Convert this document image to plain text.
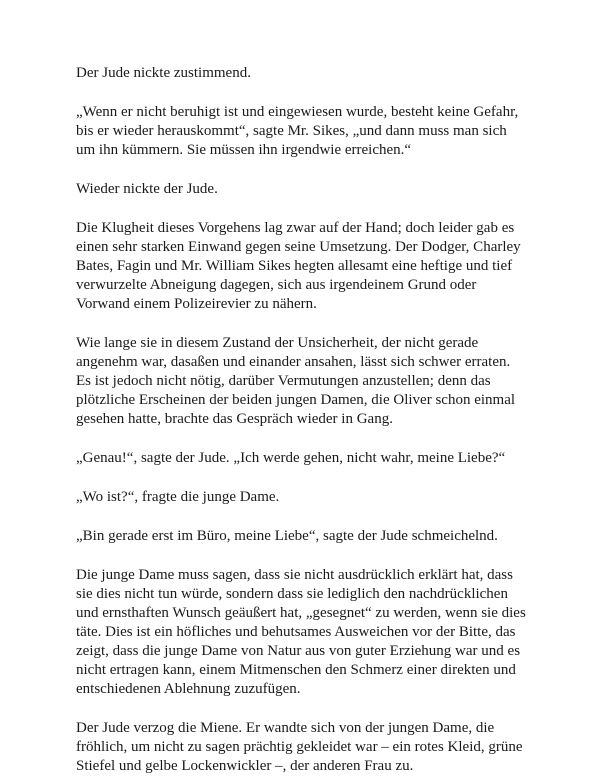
Der Jude nickte zustimmend.

„Wenn er nicht beruhigt ist und eingewiesen wurde, besteht keine Gefahr, bis er wieder herauskommt“, sagte Mr. Sikes, „und dann muss man sich um ihn kümmern. Sie müssen ihn irgendwie erreichen.“

Wieder nickte der Jude.

Die Klugheit dieses Vorgehens lag zwar auf der Hand; doch leider gab es einen sehr starken Einwand gegen seine Umsetzung. Der Dodger, Charley Bates, Fagin und Mr. William Sikes hegten allesamt eine heftige und tief verwurzelte Abneigung dagegen, sich aus irgendeinem Grund oder Vorwand einem Polizeirevier zu nähern.

Wie lange sie in diesem Zustand der Unsicherheit, der nicht gerade angenehm war, dasaßen und einander ansahen, lässt sich schwer erraten. Es ist jedoch nicht nötig, darüber Vermutungen anzustellen; denn das plötzliche Erscheinen der beiden jungen Damen, die Oliver schon einmal gesehen hatte, brachte das Gespräch wieder in Gang.

„Genau!“, sagte der Jude. „Ich werde gehen, nicht wahr, meine Liebe?“

„Wo ist?“, fragte die junge Dame.

„Bin gerade erst im Büro, meine Liebe“, sagte der Jude schmeichelnd.

Die junge Dame muss sagen, dass sie nicht ausdrücklich erklärt hat, dass sie dies nicht tun würde, sondern dass sie lediglich den nachdrücklichen und ernsthaften Wunsch geäußert hat, „gesegnet“ zu werden, wenn sie dies täte. Dies ist ein höfliches und behutsames Ausweichen vor der Bitte, das zeigt, dass die junge Dame von Natur aus von guter Erziehung war und es nicht ertragen kann, einem Mitmenschen den Schmerz einer direkten und entschiedenen Ablehnung zuzufügen.

Der Jude verzog die Miene. Er wandte sich von der jungen Dame, die fröhlich, um nicht zu sagen prächtig gekleidet war – ein rotes Kleid, grüne Stiefel und gelbe Lockenwickler –, der anderen Frau zu.
